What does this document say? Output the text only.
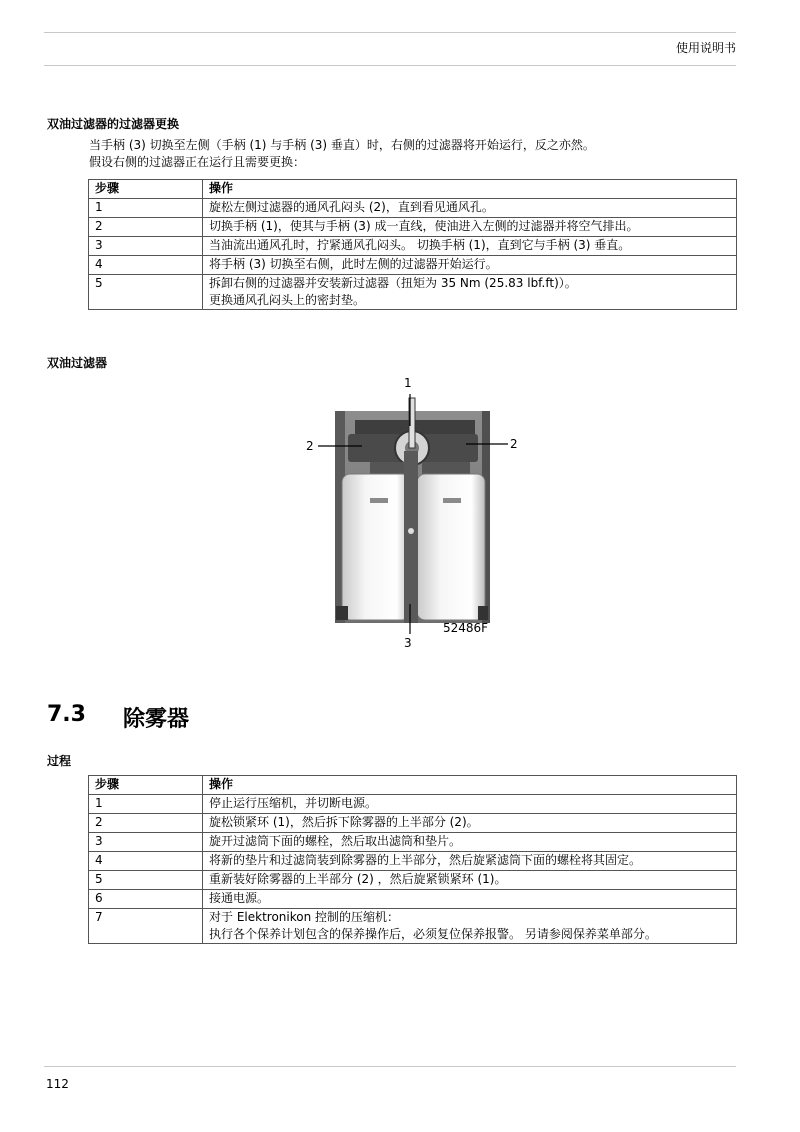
使用说明书
双油过滤器的过滤器更换
当手柄 (3) 切换至左侧（手柄 (1) 与手柄 (3) 垂直）时，右侧的过滤器将开始运行，反之亦然。
假设右侧的过滤器正在运行且需要更换：
步骤	操作
1	旋松左侧过滤器的通风孔闷头 (2)，直到看见通风孔。
2	切换手柄 (1)，使其与手柄 (3) 成一直线，使油进入左侧的过滤器并将空气排出。
3	当油流出通风孔时，拧紧通风孔闷头。 切换手柄 (1)，直到它与手柄 (3) 垂直。
4	将手柄 (3) 切换至右侧，此时左侧的过滤器开始运行。
5	拆卸右侧的过滤器并安装新过滤器（扭矩为 35 Nm (25.83 lbf.ft)）。
更换通风孔闷头上的密封垫。
双油过滤器
1
2	2
3
52486F
7.3 除雾器
过程
步骤	操作
1	停止运行压缩机，并切断电源。
2	旋松锁紧环 (1)，然后拆下除雾器的上半部分 (2)。
3	旋开过滤筒下面的螺栓，然后取出滤筒和垫片。
4	将新的垫片和过滤筒装到除雾器的上半部分，然后旋紧滤筒下面的螺栓将其固定。
5	重新装好除雾器的上半部分 (2) ，然后旋紧锁紧环 (1)。
6	接通电源。
7	对于 Elektronikon 控制的压缩机：
执行各个保养计划包含的保养操作后，必须复位保养报警。 另请参阅保养菜单部分。
112
